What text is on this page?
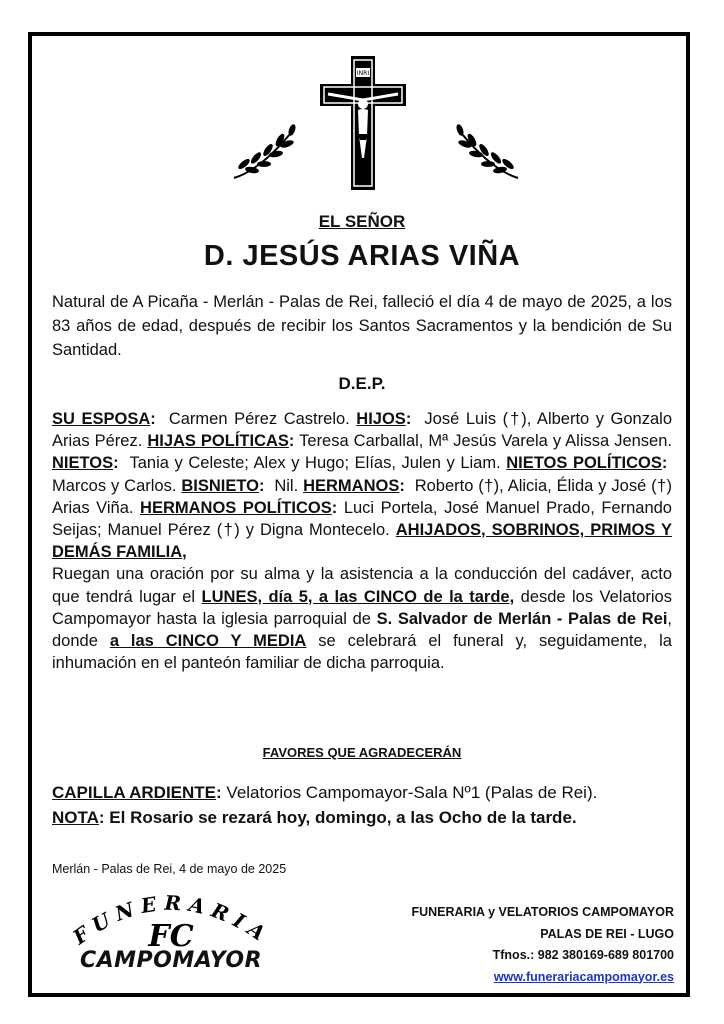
INRI
EL SEÑOR
D. JESÚS ARIAS VIÑA
Natural de A Picaña - Merlán - Palas de Rei, falleció el día 4 de mayo de 2025, a los 83 años de edad, después de recibir los Santos Sacramentos y la bendición de Su Santidad.
D.E.P.
SU ESPOSA: Carmen Pérez Castrelo. HIJOS: José Luis (†), Alberto y Gonzalo Arias Pérez. HIJAS POLÍTICAS: Teresa Carballal, Mª Jesús Varela y Alissa Jensen. NIETOS: Tania y Celeste; Alex y Hugo; Elías, Julen y Liam. NIETOS POLÍTICOS:  Marcos y Carlos. BISNIETO: Nil. HERMANOS: Roberto (†), Alicia, Élida y José (†) Arias Viña. HERMANOS POLÍTICOS: Luci Portela, José Manuel Prado, Fernando Seijas; Manuel Pérez (†) y Digna Montecelo. AHIJADOS, SOBRINOS, PRIMOS Y DEMÁS FAMILIA,
Ruegan una oración por su alma y la asistencia a la conducción del cadáver, acto que tendrá lugar el LUNES, día 5, a las CINCO de la tarde, desde los Velatorios Campomayor hasta la iglesia parroquial de S. Salvador de Merlán - Palas de Rei, donde a las CINCO Y MEDIA se celebrará el funeral y, seguidamente, la inhumación en el panteón familiar de dicha parroquia.
FAVORES QUE AGRADECERÁN
CAPILLA ARDIENTE: Velatorios Campomayor-Sala Nº1 (Palas de Rei).
NOTA: El Rosario se rezará hoy, domingo, a las Ocho de la tarde.
Merlán - Palas de Rei, 4 de mayo de 2025
FUNERARIA
FC
CAMPOMAYOR
FUNERARIA y VELATORIOS CAMPOMAYOR
PALAS DE REI - LUGO
Tfnos.: 982 380169-689 801700
www.funerariacampomayor.es
